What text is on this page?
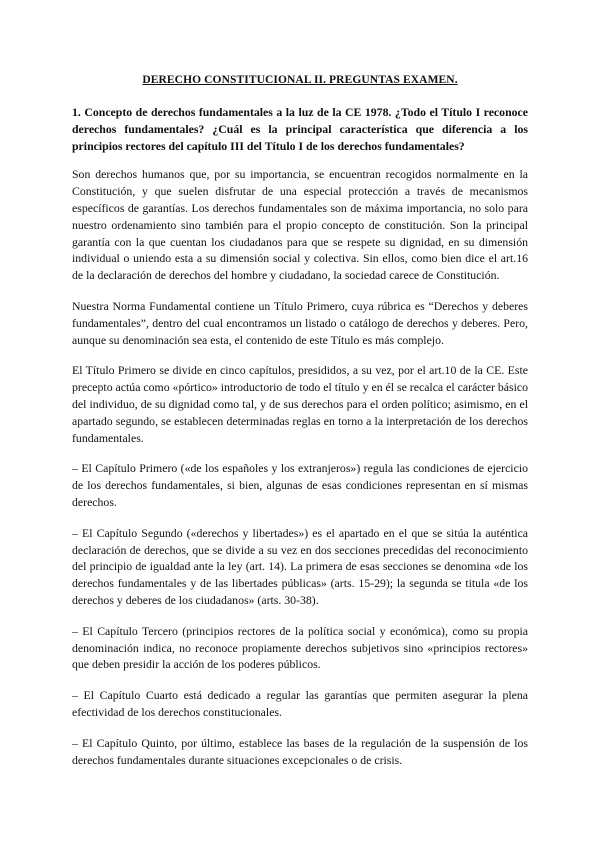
DERECHO CONSTITUCIONAL II. PREGUNTAS EXAMEN.

1. Concepto de derechos fundamentales a la luz de la CE 1978. ¿Todo el Título I reconoce derechos fundamentales? ¿Cuál es la principal característica que diferencia a los principios rectores del capítulo III del Título I de los derechos fundamentales?

Son derechos humanos que, por su importancia, se encuentran recogidos normalmente en la Constitución, y que suelen disfrutar de una especial protección a través de mecanismos específicos de garantías. Los derechos fundamentales son de máxima importancia, no solo para nuestro ordenamiento sino también para el propio concepto de constitución. Son la principal garantía con la que cuentan los ciudadanos para que se respete su dignidad, en su dimensión individual o uniendo esta a su dimensión social y colectiva. Sin ellos, como bien dice el art.16 de la declaración de derechos del hombre y ciudadano, la sociedad carece de Constitución.

Nuestra Norma Fundamental contiene un Título Primero, cuya rúbrica es “Derechos y deberes fundamentales”, dentro del cual encontramos un listado o catálogo de derechos y deberes. Pero, aunque su denominación sea esta, el contenido de este Título es más complejo.

El Título Primero se divide en cinco capítulos, presididos, a su vez, por el art.10 de la CE. Este precepto actúa como «pórtico» introductorio de todo el título y en él se recalca el carácter básico del individuo, de su dignidad como tal, y de sus derechos para el orden político; asimismo, en el apartado segundo, se establecen determinadas reglas en torno a la interpretación de los derechos fundamentales.

– El Capítulo Primero («de los españoles y los extranjeros») regula las condiciones de ejercicio de los derechos fundamentales, si bien, algunas de esas condiciones representan en sí mismas derechos.

– El Capítulo Segundo («derechos y libertades») es el apartado en el que se sitúa la auténtica declaración de derechos, que se divide a su vez en dos secciones precedidas del reconocimiento del principio de igualdad ante la ley (art. 14). La primera de esas secciones se denomina «de los derechos fundamentales y de las libertades públicas» (arts. 15-29); la segunda se titula «de los derechos y deberes de los ciudadanos» (arts. 30-38).

– El Capítulo Tercero (principios rectores de la política social y económica), como su propia denominación indica, no reconoce propiamente derechos subjetivos sino «principios rectores» que deben presidir la acción de los poderes públicos.

– El Capítulo Cuarto está dedicado a regular las garantías que permiten asegurar la plena efectividad de los derechos constitucionales.

– El Capítulo Quinto, por último, establece las bases de la regulación de la suspensión de los derechos fundamentales durante situaciones excepcionales o de crisis.
